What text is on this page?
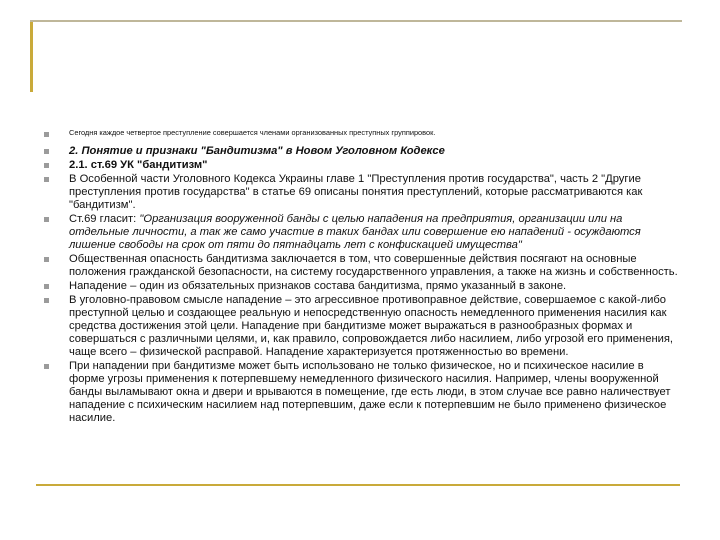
Сегодня каждое четвертое преступление совершается членами организованных преступных группировок.
2. Понятие и признаки "Бандитизма" в Новом Уголовном Кодексе
2.1. ст.69 УК "бандитизм"
В Особенной части Уголовного Кодекса Украины главе 1 "Преступления против государства", часть 2 "Другие преступления против государства" в статье 69 описаны понятия преступлений, которые рассматриваются как "бандитизм".
Ст.69 гласит: "Организация вооруженной банды с целью нападения на предприятия, организации или на отдельные личности, а так же само участие в таких бандах или совершение ею нападений - осуждаются лишение свободы на срок от пяти до пятнадцать лет с конфискацией имущества"
Общественная опасность бандитизма заключается в том, что совершенные действия посягают на основные положения гражданской безопасности, на систему государственного управления, а также на жизнь и собственность.
Нападение – один из обязательных признаков состава бандитизма, прямо указанный в законе.
В уголовно-правовом смысле нападение – это агрессивное противоправное действие, совершаемое с какой-либо преступной целью и создающее реальную и непосредственную опасность немедленного применения насилия как средства достижения этой цели. Нападение при бандитизме может выражаться в разнообразных формах и совершаться с различными целями, и, как правило, сопровождается либо насилием, либо угрозой его применения, чаще всего – физической расправой. Нападение характеризуется протяженностью во времени.
При нападении при бандитизме может быть использовано не только физическое, но и психическое насилие в форме угрозы применения к потерпевшему немедленного физического насилия. Например, члены вооруженной банды выламывают окна и двери и врываются в помещение, где есть люди, в этом случае все равно наличествует нападение с психическим насилием над потерпевшим, даже если к потерпевшим не было применено физическое насилие.
